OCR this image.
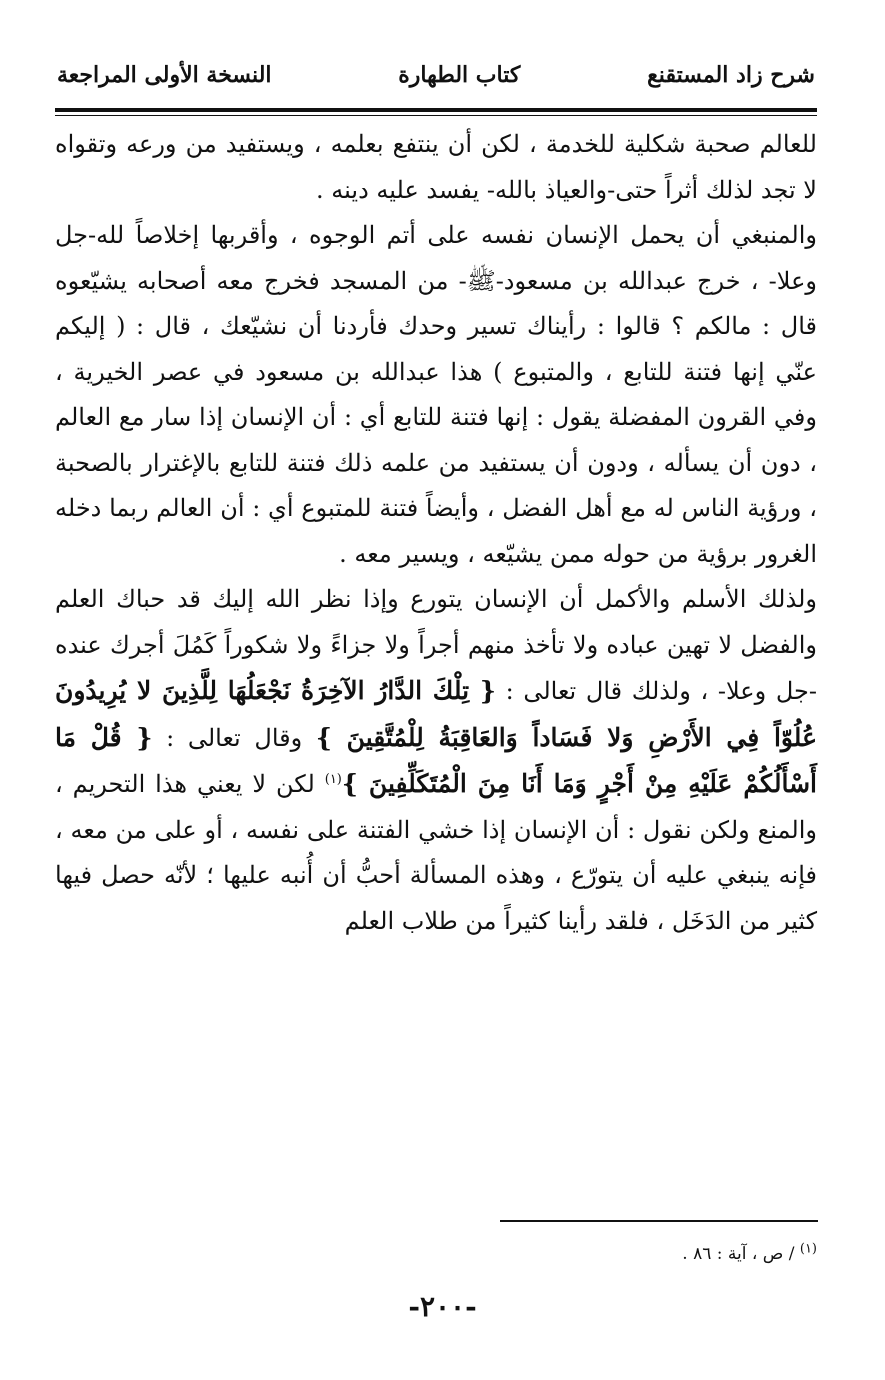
شرح زاد المستقنع
كتاب الطهارة
النسخة الأولى المراجعة

للعالم صحبة شكلية للخدمة ، لكن أن ينتفع بعلمه ، ويستفيد من ورعه وتقواه لا تجد لذلك أثراً حتى-والعياذ بالله- يفسد عليه دينه .

والمنبغي أن يحمل الإنسان نفسه على أتم الوجوه ، وأقربها إخلاصاً لله-جل وعلا- ، خرج عبدالله بن مسعود-ﷺ- من المسجد فخرج معه أصحابه يشيّعوه قال : مالكم ؟ قالوا : رأيناك تسير وحدك فأردنا أن نشيّعك ، قال : ( إليكم عنّي إنها فتنة للتابع ، والمتبوع ) هذا عبدالله بن مسعود في عصر الخيرية ، وفي القرون المفضلة يقول : إنها فتنة للتابع أي : أن الإنسان إذا سار مع العالم ، دون أن يسأله ، ودون أن يستفيد من علمه ذلك فتنة للتابع بالإغترار بالصحبة ، ورؤية الناس له مع أهل الفضل ، وأيضاً فتنة للمتبوع أي : أن العالم ربما دخله الغرور برؤية من حوله ممن يشيّعه ، ويسير معه .

ولذلك الأسلم والأكمل أن الإنسان يتورع وإذا نظر الله إليك قد حباك العلم والفضل لا تهين عباده ولا تأخذ منهم أجراً ولا جزاءً ولا شكوراً كَمُلَ أجرك عنده -جل وعلا- ، ولذلك قال تعالى : { تِلْكَ الدَّارُ الآخِرَةُ نَجْعَلُهَا لِلَّذِينَ لا يُرِيدُونَ عُلُوّاً فِي الأَرْضِ وَلا فَسَاداً وَالعَاقِبَةُ لِلْمُتَّقِينَ } وقال تعالى : { قُلْ مَا أَسْأَلُكُمْ عَلَيْهِ مِنْ أَجْرٍ وَمَا أَنَا مِنَ الْمُتَكَلِّفِينَ }$^{(١)}$ لكن لا يعني هذا التحريم ، والمنع ولكن نقول : أن الإنسان إذا خشي الفتنة على نفسه ، أو على من معه ، فإنه ينبغي عليه أن يتورّع ، وهذه المسألة أحبُّ أن أُنبه عليها ؛ لأنّه حصل فيها كثير من الدَخَل ، فلقد رأينا كثيراً من طلاب العلم

$^{(١)}$ / ص ، آية : ٨٦ .
-٢٠٠-
